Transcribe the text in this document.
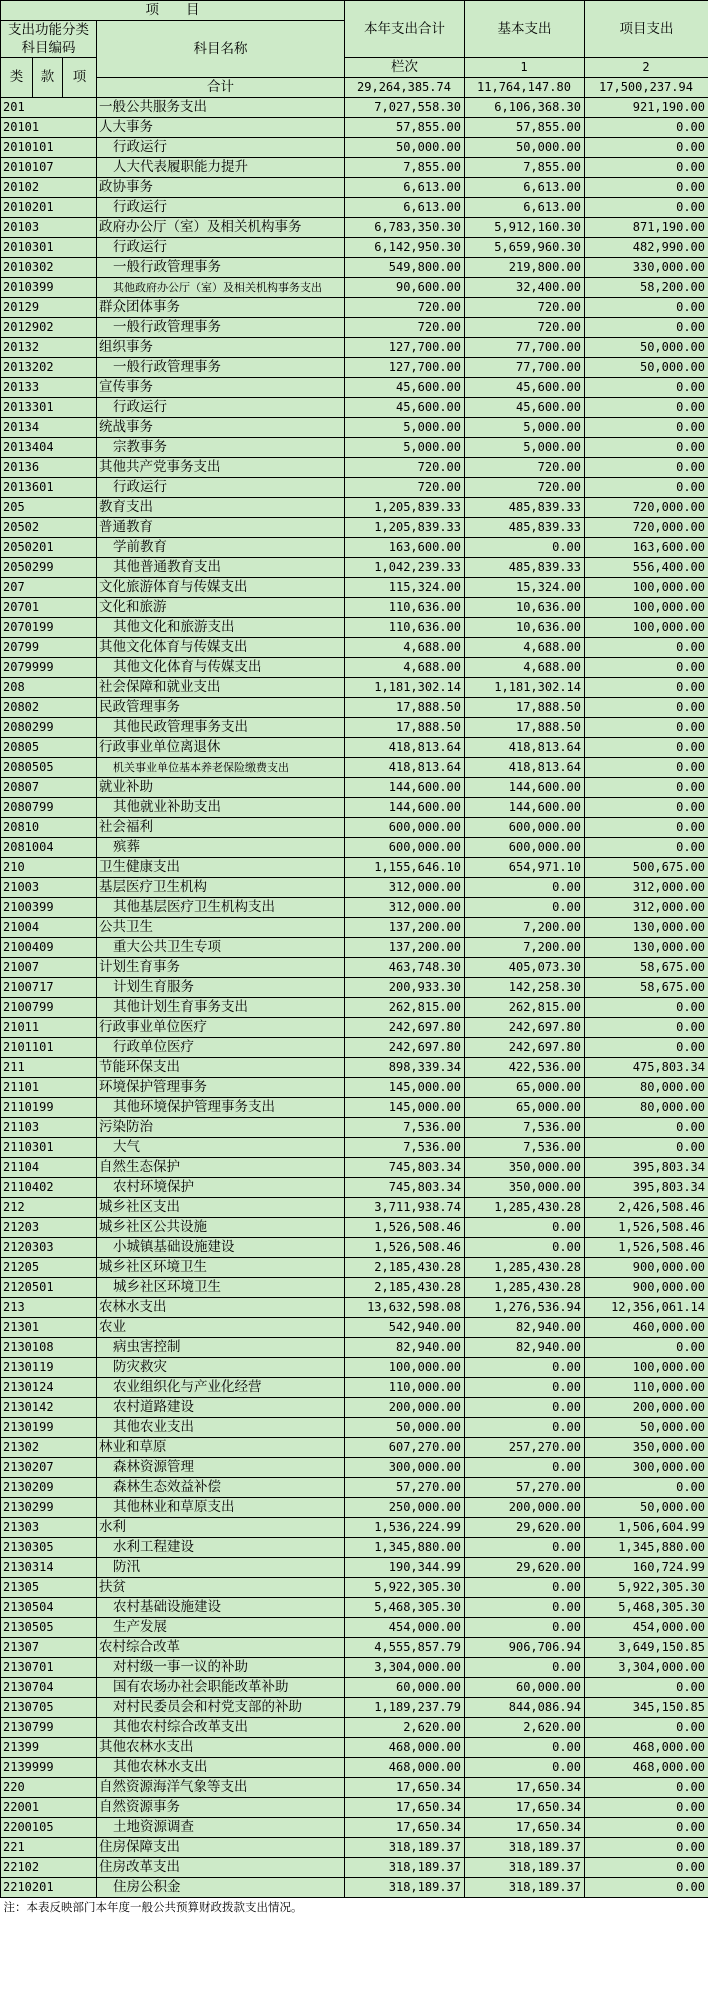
项　　目				本年支出合计	基本支出	项目支出	
支出功能分类科目编码			科目名称				

类	款	项		栏次	1	2	
			合计	29,264,385.74	11,764,147.80	17,500,237.94	
201			一般公共服务支出	7,027,558.30	6,106,368.30	921,190.00	
20101			人大事务	57,855.00	57,855.00	0.00	
2010101			行政运行	50,000.00	50,000.00	0.00	
2010107			人大代表履职能力提升	7,855.00	7,855.00	0.00	
20102			政协事务	6,613.00	6,613.00	0.00	
2010201			行政运行	6,613.00	6,613.00	0.00	
20103			政府办公厅（室）及相关机构事务	6,783,350.30	5,912,160.30	871,190.00	
2010301			行政运行	6,142,950.30	5,659,960.30	482,990.00	
2010302			一般行政管理事务	549,800.00	219,800.00	330,000.00	
2010399			其他政府办公厅（室）及相关机构事务支出	90,600.00	32,400.00	58,200.00	
20129			群众团体事务	720.00	720.00	0.00	
2012902			一般行政管理事务	720.00	720.00	0.00	
20132			组织事务	127,700.00	77,700.00	50,000.00	
2013202			一般行政管理事务	127,700.00	77,700.00	50,000.00	
20133			宣传事务	45,600.00	45,600.00	0.00	
2013301			行政运行	45,600.00	45,600.00	0.00	
20134			统战事务	5,000.00	5,000.00	0.00	
2013404			宗教事务	5,000.00	5,000.00	0.00	
20136			其他共产党事务支出	720.00	720.00	0.00	
2013601			行政运行	720.00	720.00	0.00	
205			教育支出	1,205,839.33	485,839.33	720,000.00	
20502			普通教育	1,205,839.33	485,839.33	720,000.00	
2050201			学前教育	163,600.00	0.00	163,600.00	
2050299			其他普通教育支出	1,042,239.33	485,839.33	556,400.00	
207			文化旅游体育与传媒支出	115,324.00	15,324.00	100,000.00	
20701			文化和旅游	110,636.00	10,636.00	100,000.00	
2070199			其他文化和旅游支出	110,636.00	10,636.00	100,000.00	
20799			其他文化体育与传媒支出	4,688.00	4,688.00	0.00	
2079999			其他文化体育与传媒支出	4,688.00	4,688.00	0.00	
208			社会保障和就业支出	1,181,302.14	1,181,302.14	0.00	
20802			民政管理事务	17,888.50	17,888.50	0.00	
2080299			其他民政管理事务支出	17,888.50	17,888.50	0.00	
20805			行政事业单位离退休	418,813.64	418,813.64	0.00	
2080505			机关事业单位基本养老保险缴费支出	418,813.64	418,813.64	0.00	
20807			就业补助	144,600.00	144,600.00	0.00	
2080799			其他就业补助支出	144,600.00	144,600.00	0.00	
20810			社会福利	600,000.00	600,000.00	0.00	
2081004			殡葬	600,000.00	600,000.00	0.00	
210			卫生健康支出	1,155,646.10	654,971.10	500,675.00	
21003			基层医疗卫生机构	312,000.00	0.00	312,000.00	
2100399			其他基层医疗卫生机构支出	312,000.00	0.00	312,000.00	
21004			公共卫生	137,200.00	7,200.00	130,000.00	
2100409			重大公共卫生专项	137,200.00	7,200.00	130,000.00	
21007			计划生育事务	463,748.30	405,073.30	58,675.00	
2100717			计划生育服务	200,933.30	142,258.30	58,675.00	
2100799			其他计划生育事务支出	262,815.00	262,815.00	0.00	
21011			行政事业单位医疗	242,697.80	242,697.80	0.00	
2101101			行政单位医疗	242,697.80	242,697.80	0.00	
211			节能环保支出	898,339.34	422,536.00	475,803.34	
21101			环境保护管理事务	145,000.00	65,000.00	80,000.00	
2110199			其他环境保护管理事务支出	145,000.00	65,000.00	80,000.00	
21103			污染防治	7,536.00	7,536.00	0.00	
2110301			大气	7,536.00	7,536.00	0.00	
21104			自然生态保护	745,803.34	350,000.00	395,803.34	
2110402			农村环境保护	745,803.34	350,000.00	395,803.34	
212			城乡社区支出	3,711,938.74	1,285,430.28	2,426,508.46	
21203			城乡社区公共设施	1,526,508.46	0.00	1,526,508.46	
2120303			小城镇基础设施建设	1,526,508.46	0.00	1,526,508.46	
21205			城乡社区环境卫生	2,185,430.28	1,285,430.28	900,000.00	
2120501			城乡社区环境卫生	2,185,430.28	1,285,430.28	900,000.00	
213			农林水支出	13,632,598.08	1,276,536.94	12,356,061.14	
21301			农业	542,940.00	82,940.00	460,000.00	
2130108			病虫害控制	82,940.00	82,940.00	0.00	
2130119			防灾救灾	100,000.00	0.00	100,000.00	
2130124			农业组织化与产业化经营	110,000.00	0.00	110,000.00	
2130142			农村道路建设	200,000.00	0.00	200,000.00	
2130199			其他农业支出	50,000.00	0.00	50,000.00	
21302			林业和草原	607,270.00	257,270.00	350,000.00	
2130207			森林资源管理	300,000.00	0.00	300,000.00	
2130209			森林生态效益补偿	57,270.00	57,270.00	0.00	
2130299			其他林业和草原支出	250,000.00	200,000.00	50,000.00	
21303			水利	1,536,224.99	29,620.00	1,506,604.99	
2130305			水利工程建设	1,345,880.00	0.00	1,345,880.00	
2130314			防汛	190,344.99	29,620.00	160,724.99	
21305			扶贫	5,922,305.30	0.00	5,922,305.30	
2130504			农村基础设施建设	5,468,305.30	0.00	5,468,305.30	
2130505			生产发展	454,000.00	0.00	454,000.00	
21307			农村综合改革	4,555,857.79	906,706.94	3,649,150.85	
2130701			对村级一事一议的补助	3,304,000.00	0.00	3,304,000.00	
2130704			国有农场办社会职能改革补助	60,000.00	60,000.00	0.00	
2130705			对村民委员会和村党支部的补助	1,189,237.79	844,086.94	345,150.85	
2130799			其他农村综合改革支出	2,620.00	2,620.00	0.00	
21399			其他农林水支出	468,000.00	0.00	468,000.00	
2139999			其他农林水支出	468,000.00	0.00	468,000.00	
220			自然资源海洋气象等支出	17,650.34	17,650.34	0.00	
22001			自然资源事务	17,650.34	17,650.34	0.00	
2200105			土地资源调查	17,650.34	17,650.34	0.00	
221			住房保障支出	318,189.37	318,189.37	0.00	
22102			住房改革支出	318,189.37	318,189.37	0.00	
2210201			住房公积金	318,189.37	318,189.37	0.00	
注：本表反映部门本年度一般公共预算财政拨款支出情况。							
